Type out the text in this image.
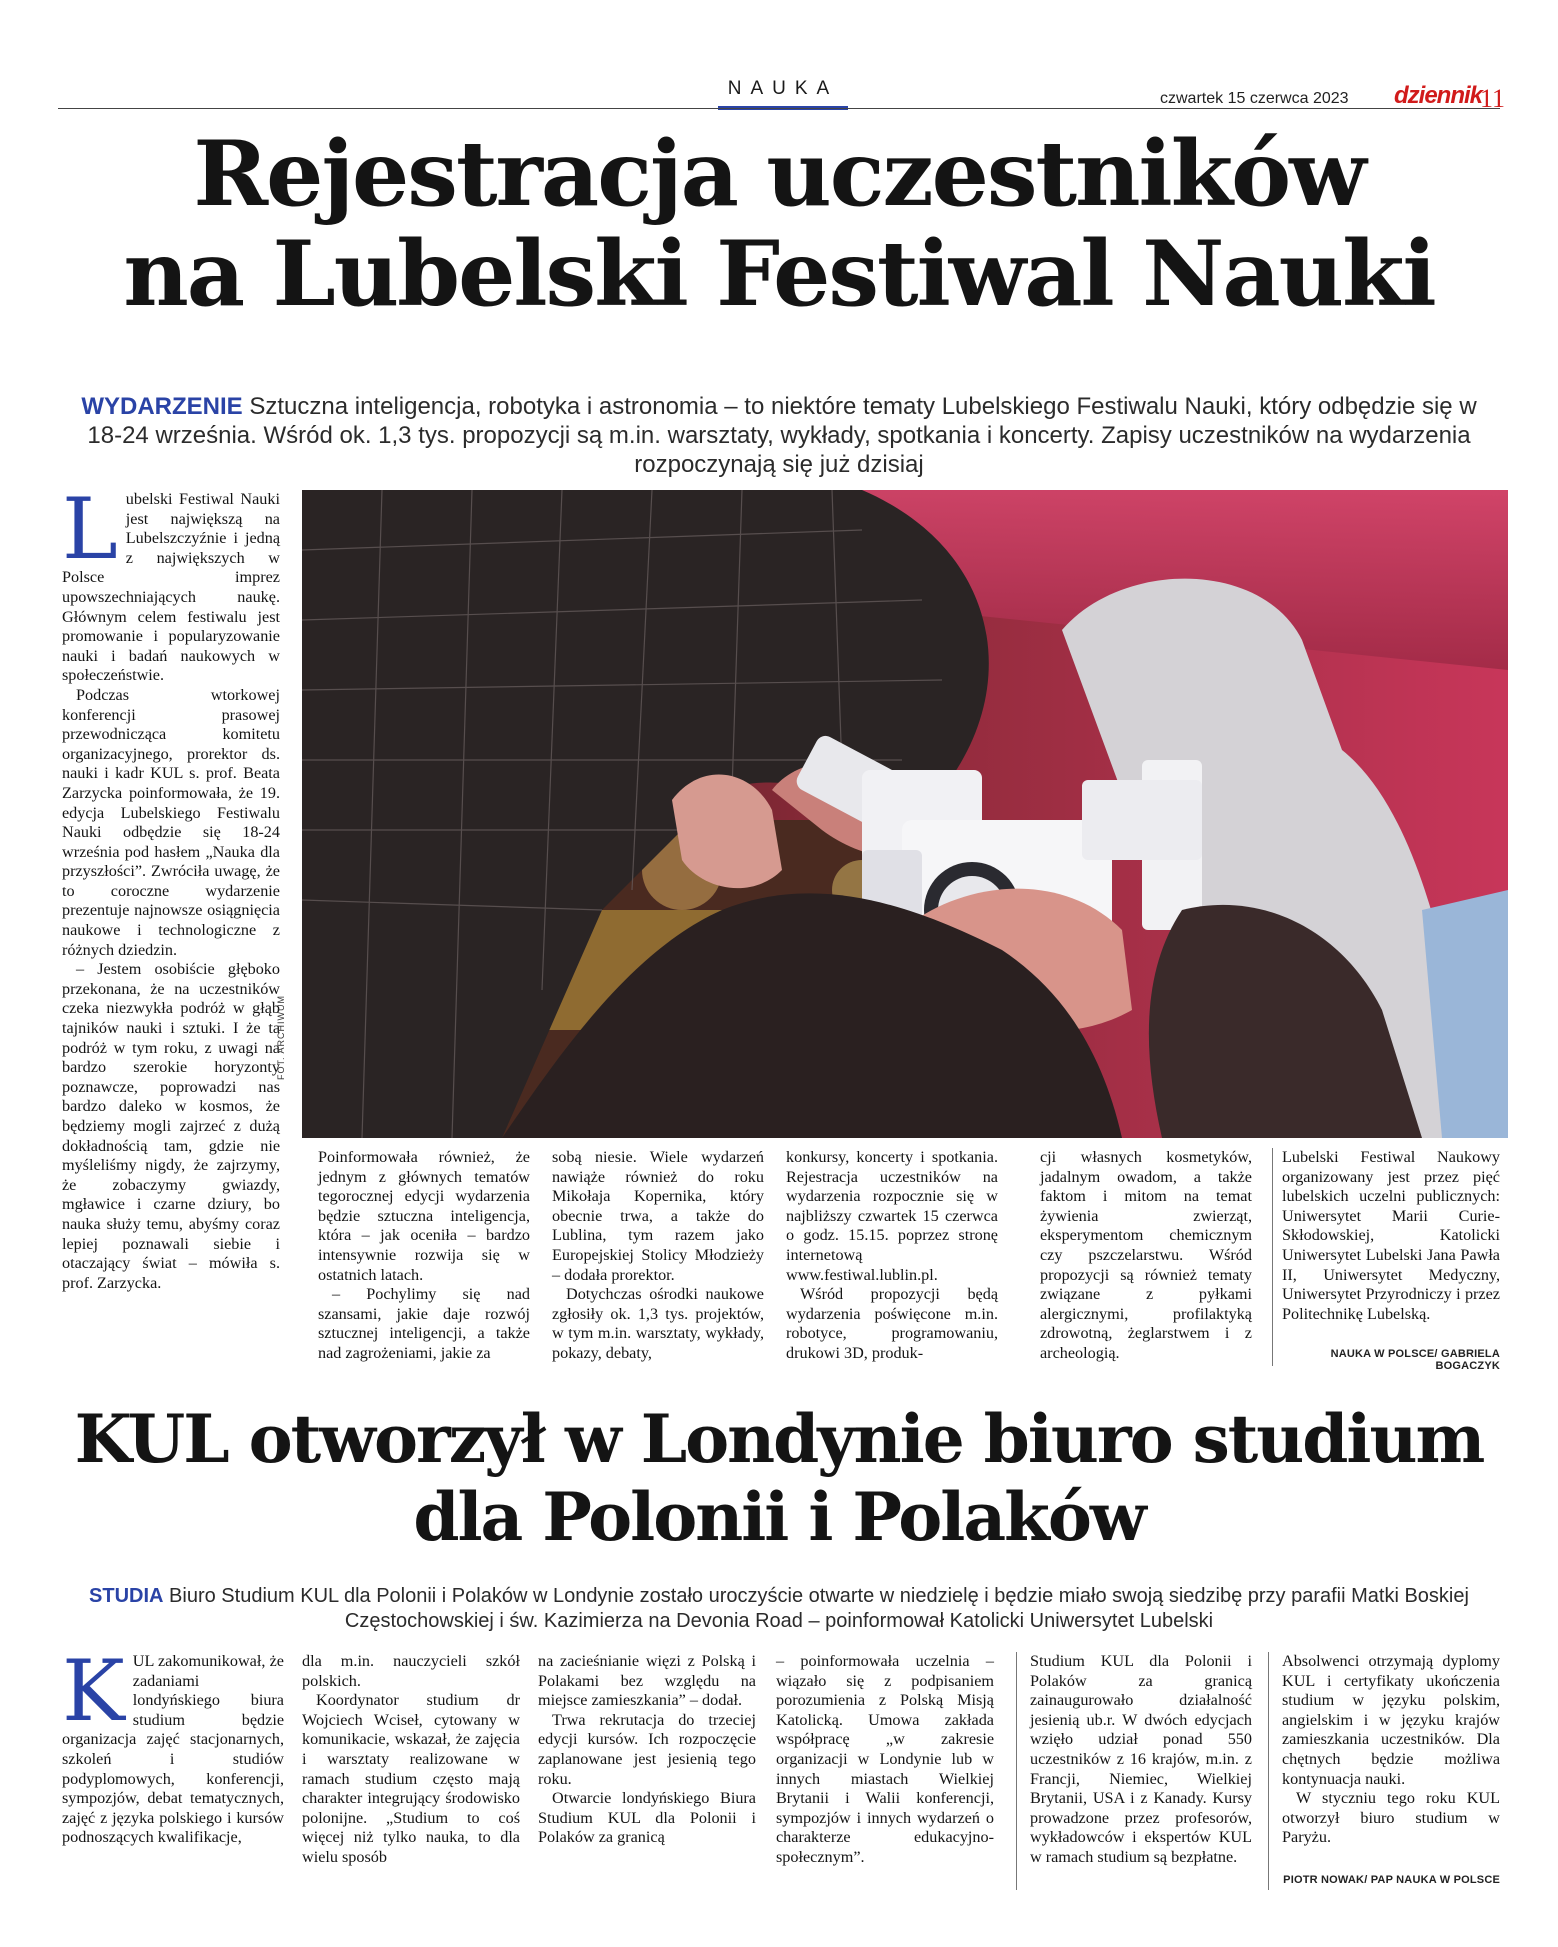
NAUKA	czwartek 15 czerwca 2023 dziennik
11
Rejestracja uczestników
na Lubelski Festiwal Nauki
WYDARZENIE Sztuczna inteligencja, robotyka i astronomia – to niektóre tematy Lubelskiego Festiwalu Nauki, który odbędzie się w 18-24 września. Wśród ok. 1,3 tys. propozycji są m.in. warsztaty, wykłady, spotkania i koncerty. Zapisy uczestników na wydarzenia rozpoczynają się już dzisiaj
L ubelski Festiwal Nauki jest największą na Lubelszczyźnie i jedną z największych w Polsce imprez upowszechniających naukę. Głównym celem festiwalu jest promowanie i popularyzowanie nauki i badań naukowych w społeczeństwie.

Podczas wtorkowej konferencji prasowej przewodnicząca komitetu organizacyjnego, prorektor ds. nauki i kadr KUL s. prof. Beata Zarzycka poinformowała, że 19. edycja Lubelskiego Festiwalu Nauki odbędzie się 18-24 września pod hasłem „Nauka dla przyszłości”. Zwróciła uwagę, że to coroczne wydarzenie prezentuje najnowsze osiągnięcia naukowe i technologiczne z różnych dziedzin.

– Jestem osobiście głęboko przekonana, że na uczestników czeka niezwykła podróż w głąb tajników nauki i sztuki. I że ta podróż w tym roku, z uwagi na bardzo szerokie horyzonty poznawcze, poprowadzi nas bardzo daleko w kosmos, że będziemy mogli zajrzeć z dużą dokładnością tam, gdzie nie myśleliśmy nigdy, że zajrzymy, że zobaczymy gwiazdy, mgławice i czarne dziury, bo nauka służy temu, abyśmy coraz lepiej poznawali siebie i otaczający świat – mówiła s. prof. Zarzycka.

FOT. ARCHIWUM

Poinformowała również, że jednym z głównych tematów tegorocznej edycji wydarzenia będzie sztuczna inteligencja, która – jak oceniła – bardzo intensywnie rozwija się w ostatnich latach.

– Pochylimy się nad szansami, jakie daje rozwój sztucznej inteligencji, a także nad zagrożeniami, jakie za

sobą niesie. Wiele wydarzeń nawiąże również do roku Mikołaja Kopernika, który obecnie trwa, a także do Lublina, tym razem jako Europejskiej Stolicy Młodzieży – dodała prorektor.

Dotychczas ośrodki naukowe zgłosiły ok. 1,3 tys. projektów, w tym m.in. warsztaty, wykłady, pokazy, debaty,

konkursy, koncerty i spotkania. Rejestracja uczestników na wydarzenia rozpocznie się w najbliższy czwartek 15 czerwca o godz. 15.15. poprzez stronę internetową www.festiwal.lublin.pl.

Wśród propozycji będą wydarzenia poświęcone m.in. robotyce, programowaniu, drukowi 3D, produk-

cji własnych kosmetyków, jadalnym owadom, a także faktom i mitom na temat żywienia zwierząt, eksperymentom chemicznym czy pszczelarstwu. Wśród propozycji są również tematy związane z pyłkami alergicznymi, profilaktyką zdrowotną, żeglarstwem i z archeologią.

Lubelski Festiwal Naukowy organizowany jest przez pięć lubelskich uczelni publicznych: Uniwersytet Marii Curie-Skłodowskiej, Katolicki Uniwersytet Lubelski Jana Pawła II, Uniwersytet Medyczny, Uniwersytet Przyrodniczy i przez Politechnikę Lubelską.

NAUKA W POLSCE/ GABRIELA BOGACZYK
KUL otworzył w Londynie biuro studium
dla Polonii i Polaków
STUDIA Biuro Studium KUL dla Polonii i Polaków w Londynie zostało uroczyście otwarte w niedzielę i będzie miało swoją siedzibę przy parafii Matki Boskiej Częstochowskiej i św. Kazimierza na Devonia Road – poinformował Katolicki Uniwersytet Lubelski
K UL zakomunikował, że zadaniami londyńskiego biura studium będzie organizacja zajęć stacjonarnych, szkoleń i studiów podyplomowych, konferencji, sympozjów, debat tematycznych, zajęć z języka polskiego i kursów podnoszących kwalifikacje,

dla m.in. nauczycieli szkół polskich.

Koordynator studium dr Wojciech Wciseł, cytowany w komunikacie, wskazał, że zajęcia i warsztaty realizowane w ramach studium często mają charakter integrujący środowisko polonijne. „Studium to coś więcej niż tylko nauka, to dla wielu sposób

na zacieśnianie więzi z Polską i Polakami bez względu na miejsce zamieszkania” – dodał.

Trwa rekrutacja do trzeciej edycji kursów. Ich rozpoczęcie zaplanowane jest jesienią tego roku.

Otwarcie londyńskiego Biura Studium KUL dla Polonii i Polaków za granicą

– poinformowała uczelnia – wiązało się z podpisaniem porozumienia z Polską Misją Katolicką. Umowa zakłada współpracę „w zakresie organizacji w Londynie lub w innych miastach Wielkiej Brytanii i Walii konferencji, sympozjów i innych wydarzeń o charakterze edukacyjno-społecznym”.

Studium KUL dla Polonii i Polaków za granicą zainaugurowało działalność jesienią ub.r. W dwóch edycjach wzięło udział ponad 550 uczestników z 16 krajów, m.in. z Francji, Niemiec, Wielkiej Brytanii, USA i z Kanady. Kursy prowadzone przez profesorów, wykładowców i ekspertów KUL w ramach studium są bezpłatne.

Absolwenci otrzymają dyplomy KUL i certyfikaty ukończenia studium w języku polskim, angielskim i w języku krajów zamieszkania uczestników. Dla chętnych będzie możliwa kontynuacja nauki.

W styczniu tego roku KUL otworzył biuro studium w Paryżu.

PIOTR NOWAK/ PAP NAUKA W POLSCE
